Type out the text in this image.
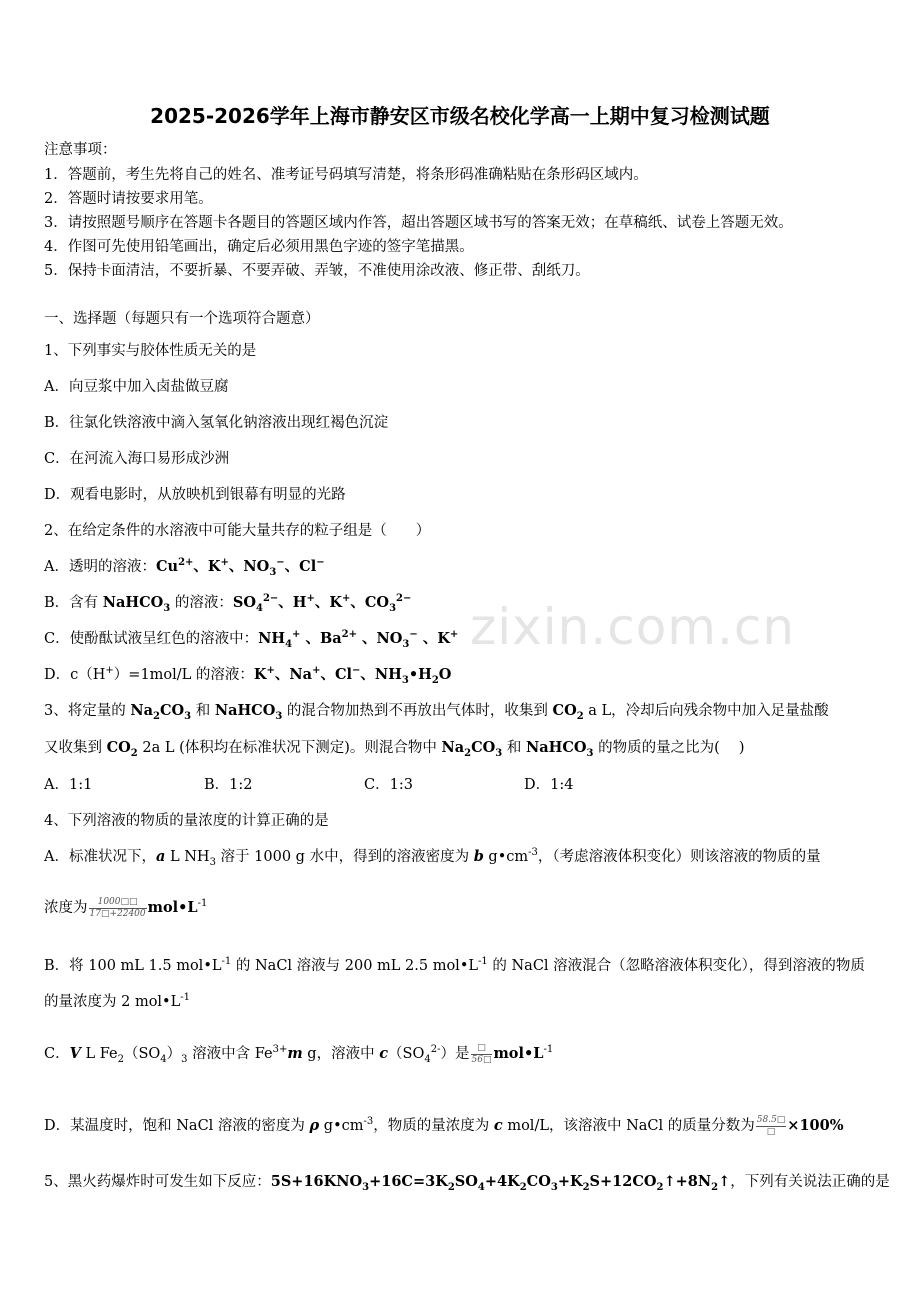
2025-2026学年上海市静安区市级名校化学高一上期中复习检测试题
注意事项：
1．答题前，考生先将自己的姓名、准考证号码填写清楚，将条形码准确粘贴在条形码区域内。
2．答题时请按要求用笔。
3．请按照题号顺序在答题卡各题目的答题区域内作答，超出答题区域书写的答案无效；在草稿纸、试卷上答题无效。
4．作图可先使用铅笔画出，确定后必须用黑色字迹的签字笔描黑。
5．保持卡面清洁，不要折暴、不要弄破、弄皱，不准使用涂改液、修正带、刮纸刀。
一、选择题（每题只有一个选项符合题意）
1、下列事实与胶体性质无关的是
A．向豆浆中加入卤盐做豆腐
B．往氯化铁溶液中滴入氢氧化钠溶液出现红褐色沉淀
C．在河流入海口易形成沙洲
D．观看电影时，从放映机到银幕有明显的光路
2、在给定条件的水溶液中可能大量共存的粒子组是（　　）
A．透明的溶液：$Cu^{2+}$、K+、$NO_3^-$、Cl−
B．含有 NaHCO$_3$ 的溶液：$SO_4^{2-}$、H+、K+、$CO_3^{2-}$
C．使酚酞试液呈红色的溶液中：$NH_4^+$ 、$Ba^{2+}$ 、$NO_3^-$ 、K+
D．c（H+）=1mol/L 的溶液：K+、Na+、Cl−、$NH_3•H_2O$
zixin.com.cn
3、将定量的 $Na_2CO_3$ 和 NaHCO$_3$ 的混合物加热到不再放出气体时，收集到 $CO_2$ a L，冷却后向残余物中加入足量盐酸
又收集到 $CO_2$ 2a L (体积均在标准状况下测定)。则混合物中 $Na_2CO_3$ 和 NaHCO$_3$ 的物质的量之比为(　 )
A．1:1	B．1:2	C．1:3	D．1:4
4、下列溶液的物质的量浓度的计算正确的是
A．标准状况下，a L $NH_3$ 溶于 1000 g 水中，得到的溶液密度为 b $g•cm^{-3}$，（考虑溶液体积变化）则该溶液的物质的量
浓度为 $\frac{1000□□}{17□+22400}$ $mol•L^{-1}$
B．将 100 mL 1.5 $mol•L^{-1}$ 的 NaCl 溶液与 200 mL 2.5 $mol•L^{-1}$ 的 NaCl 溶液混合（忽略溶液体积变化），得到溶液的物质
的量浓度为 2 $mol•L^{-1}$
C．V L $Fe_2(SO_4)_3$ 溶液中含 $Fe^{3+}m$ g，溶液中 $c(SO_4^{2-})$是 $\frac{□}{56□}$ $mol•L^{-1}$
D．某温度时，饱和 NaCl 溶液的密度为 ρ $g•cm^{-3}$，物质的量浓度为 c mol/L，该溶液中 NaCl 的质量分数为 $\frac{58.5□}{□} \times 100\%$
5、黑火药爆炸时可发生如下反应：$5S+16KNO_3+16C=3K_2SO_4+4K_2CO_3+K_2S+12CO_2↑+8N_2↑$，下列有关说法正确的是
